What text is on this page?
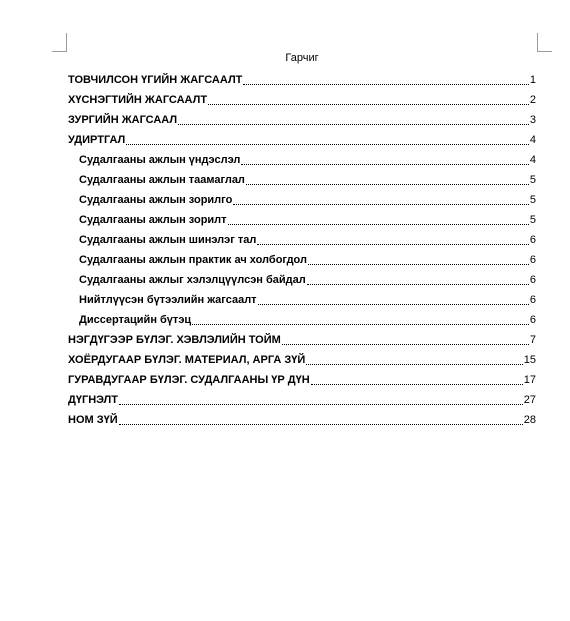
Гарчиг
ТОВЧИЛСОН ҮГИЙН ЖАГСААЛТ	1
ХҮСНЭГТИЙН ЖАГСААЛТ	2
ЗУРГИЙН ЖАГСААЛ	3
УДИРТГАЛ	4
Судалгааны ажлын үндэслэл	4
Судалгааны ажлын таамаглал	5
Судалгааны ажлын зорилго	5
Судалгааны ажлын зорилт	5
Судалгааны ажлын шинэлэг тал	6
Судалгааны ажлын практик ач холбогдол	6
Судалгааны ажлыг хэлэлцүүлсэн байдал	6
Нийтлүүсэн бүтээлийн жагсаалт	6
Диссертацийн бүтэц	6
НЭГДҮГЭЭР БҮЛЭГ. ХЭВЛЭЛИЙН ТОЙМ	7
ХОЁРДУГААР БҮЛЭГ. МАТЕРИАЛ, АРГА ЗҮЙ	15
ГУРАВДУГААР БҮЛЭГ. СУДАЛГААНЫ ҮР ДҮН	17
ДҮГНЭЛТ	27
НОМ ЗҮЙ	28
